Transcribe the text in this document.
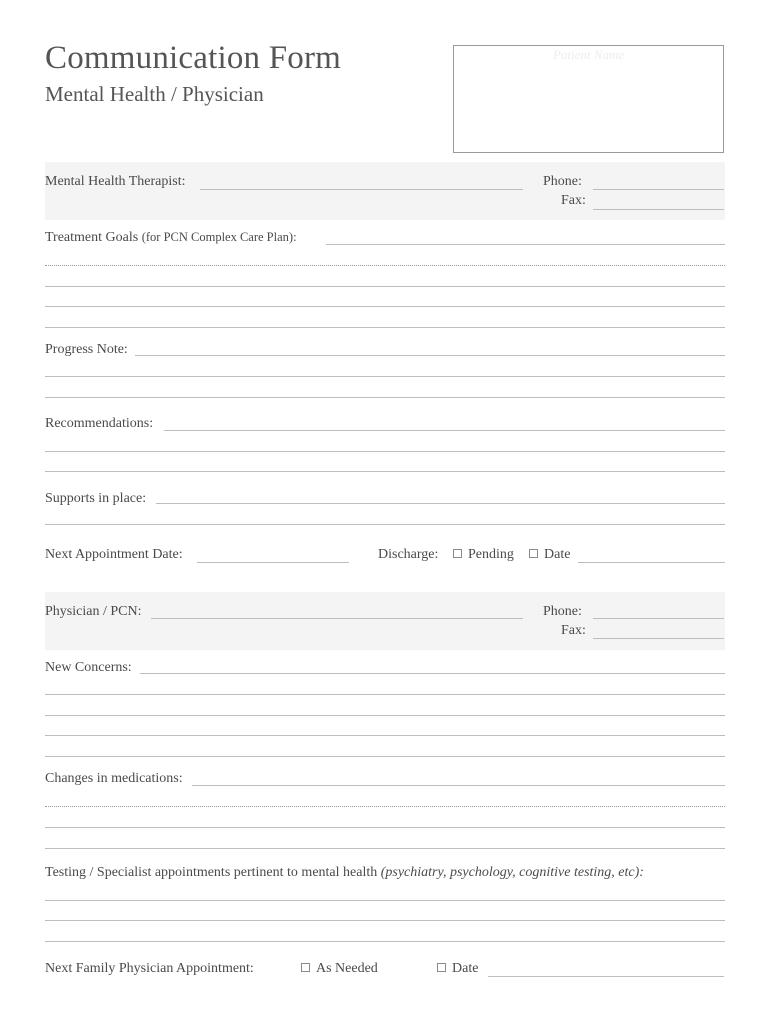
Communication Form
Mental Health / Physician
Patient Name
Mental Health Therapist:	Phone:
Fax:
Treatment Goals (for PCN Complex Care Plan):
Progress Note:
Recommendations:
Supports in place:
Next Appointment Date:	Discharge: Pending Date
Physician / PCN:	Phone:
Fax:
New Concerns:
Changes in medications:
Testing / Specialist appointments pertinent to mental health (psychiatry, psychology, cognitive testing, etc):
Next Family Physician Appointment:	As Needed	Date
